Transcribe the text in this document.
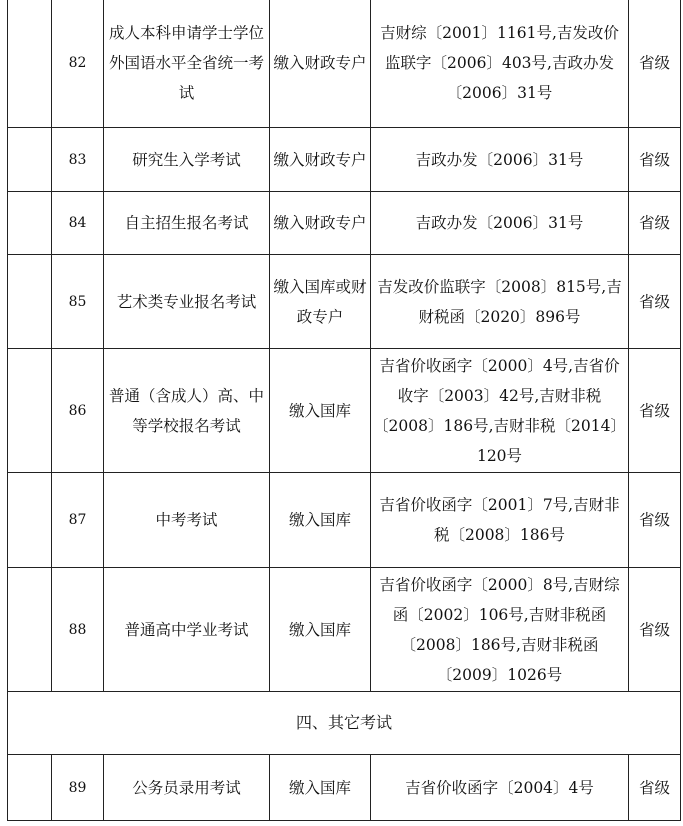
	82	成人本科申请学士学位外国语水平全省统一考试	缴入财政专户	吉财综〔2001〕1161号,吉发改价监联字〔2006〕403号,吉政办发〔2006〕31号	省级
	83	研究生入学考试	缴入财政专户	吉政办发〔2006〕31号	省级
	84	自主招生报名考试	缴入财政专户	吉政办发〔2006〕31号	省级
	85	艺术类专业报名考试	缴入国库或财政专户	吉发改价监联字〔2008〕815号,吉财税函〔2020〕896号	省级
	86	普通（含成人）高、中等学校报名考试	缴入国库	吉省价收函字〔2000〕4号,吉省价收字〔2003〕42号,吉财非税〔2008〕186号,吉财非税〔2014〕120号	省级
	87	中考考试	缴入国库	吉省价收函字〔2001〕7号,吉财非税〔2008〕186号	省级
	88	普通高中学业考试	缴入国库	吉省价收函字〔2000〕8号,吉财综函〔2002〕106号,吉财非税函〔2008〕186号,吉财非税函〔2009〕1026号	省级
四、其它考试					
	89	公务员录用考试	缴入国库	吉省价收函字〔2004〕4号	省级
